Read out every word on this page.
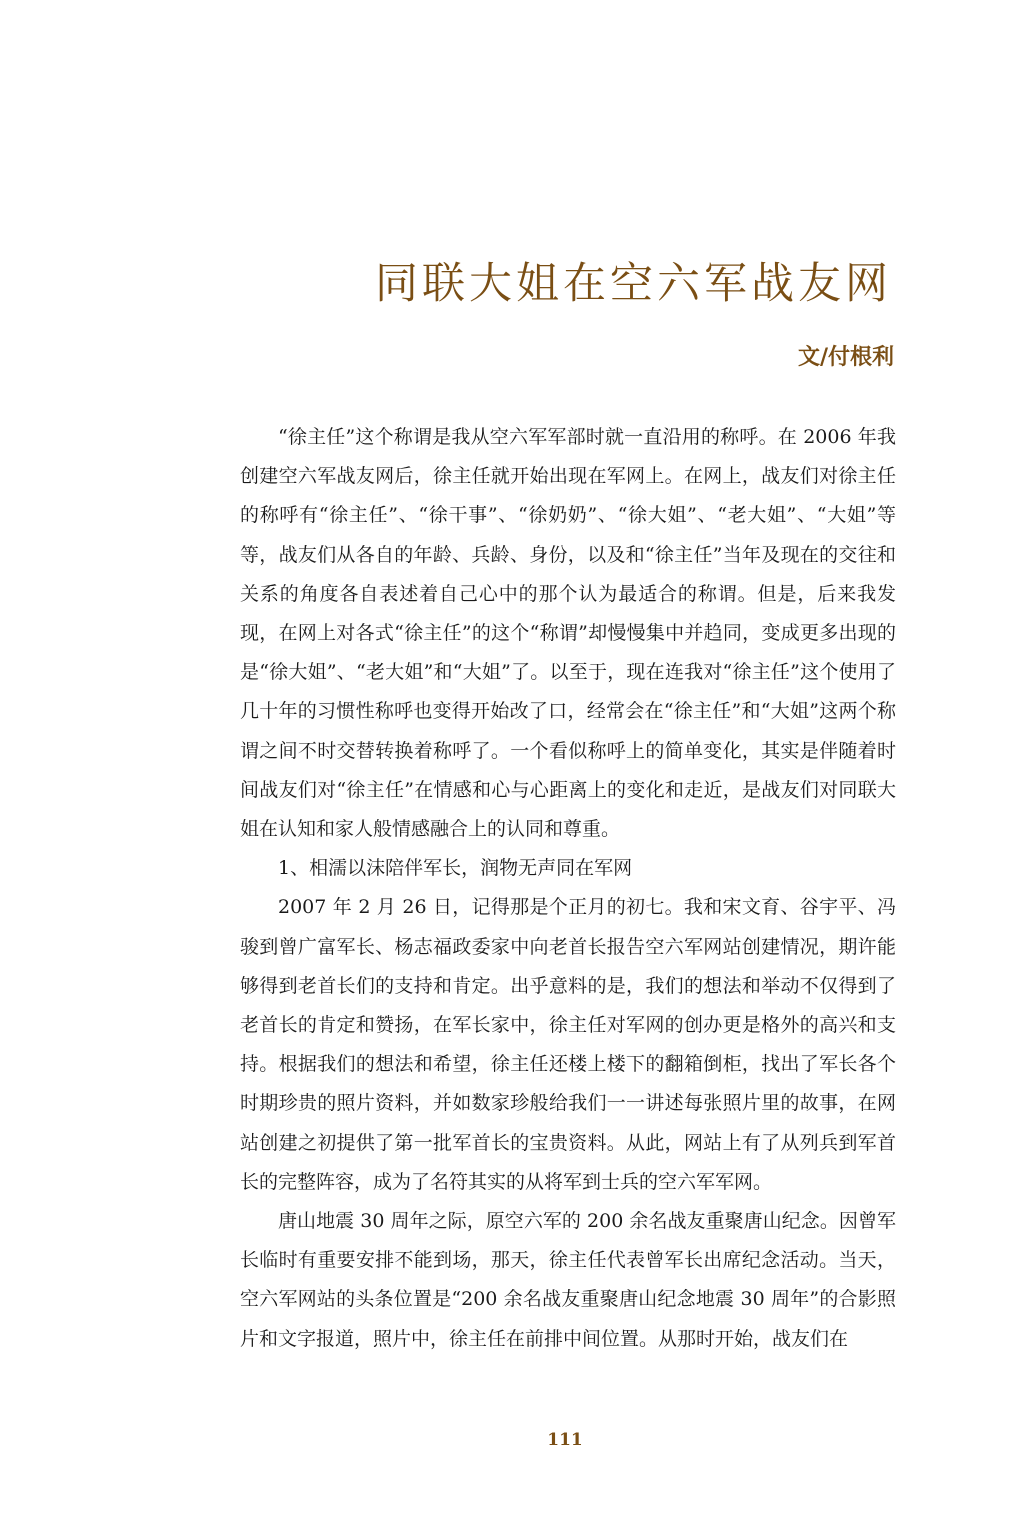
同联大姐在空六军战友网

文/付根利

“徐主任”这个称谓是我从空六军军部时就一直沿用的称呼。在 2006 年我创建空六军战友网后，徐主任就开始出现在军网上。在网上，战友们对徐主任的称呼有“徐主任”、“徐干事”、“徐奶奶”、“徐大姐”、“老大姐”、“大姐”等等，战友们从各自的年龄、兵龄、身份，以及和“徐主任”当年及现在的交往和关系的角度各自表述着自己心中的那个认为最适合的称谓。但是，后来我发现，在网上对各式“徐主任”的这个“称谓”却慢慢集中并趋同，变成更多出现的是“徐大姐”、“老大姐”和“大姐”了。以至于，现在连我对“徐主任”这个使用了几十年的习惯性称呼也变得开始改了口，经常会在“徐主任”和“大姐”这两个称谓之间不时交替转换着称呼了。一个看似称呼上的简单变化，其实是伴随着时间战友们对“徐主任”在情感和心与心距离上的变化和走近，是战友们对同联大姐在认知和家人般情感融合上的认同和尊重。

1、相濡以沫陪伴军长，润物无声同在军网

2007 年 2 月 26 日，记得那是个正月的初七。我和宋文育、谷宇平、冯骏到曾广富军长、杨志福政委家中向老首长报告空六军网站创建情况，期许能够得到老首长们的支持和肯定。出乎意料的是，我们的想法和举动不仅得到了老首长的肯定和赞扬，在军长家中，徐主任对军网的创办更是格外的高兴和支持。根据我们的想法和希望，徐主任还楼上楼下的翻箱倒柜，找出了军长各个时期珍贵的照片资料，并如数家珍般给我们一一讲述每张照片里的故事，在网站创建之初提供了第一批军首长的宝贵资料。从此，网站上有了从列兵到军首长的完整阵容，成为了名符其实的从将军到士兵的空六军军网。

唐山地震 30 周年之际，原空六军的 200 余名战友重聚唐山纪念。因曾军长临时有重要安排不能到场，那天，徐主任代表曾军长出席纪念活动。当天，空六军网站的头条位置是“200 余名战友重聚唐山纪念地震 30 周年”的合影照片和文字报道，照片中，徐主任在前排中间位置。从那时开始，战友们在

111
